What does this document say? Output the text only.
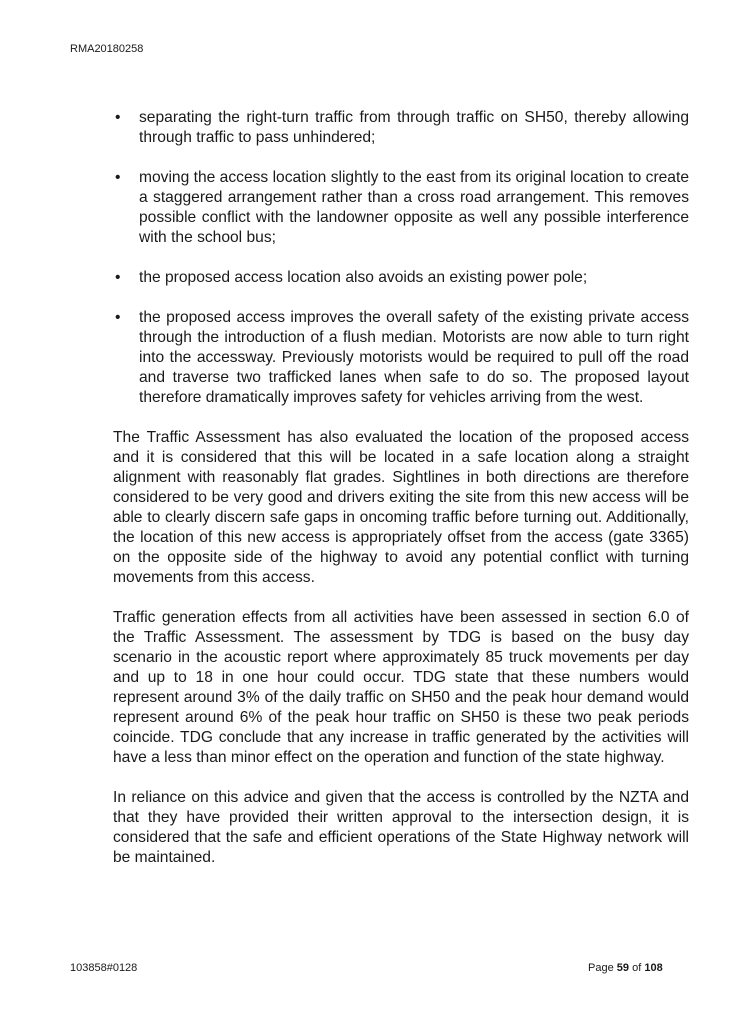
RMA20180258
• separating the right-turn traffic from through traffic on SH50, thereby allowing through traffic to pass unhindered;
• moving the access location slightly to the east from its original location to create a staggered arrangement rather than a cross road arrangement. This removes possible conflict with the landowner opposite as well any possible interference with the school bus;
• the proposed access location also avoids an existing power pole;
• the proposed access improves the overall safety of the existing private access through the introduction of a flush median. Motorists are now able to turn right into the accessway. Previously motorists would be required to pull off the road and traverse two trafficked lanes when safe to do so. The proposed layout therefore dramatically improves safety for vehicles arriving from the west.

The Traffic Assessment has also evaluated the location of the proposed access and it is considered that this will be located in a safe location along a straight alignment with reasonably flat grades. Sightlines in both directions are therefore considered to be very good and drivers exiting the site from this new access will be able to clearly discern safe gaps in oncoming traffic before turning out. Additionally, the location of this new access is appropriately offset from the access (gate 3365) on the opposite side of the highway to avoid any potential conflict with turning movements from this access.

Traffic generation effects from all activities have been assessed in section 6.0 of the Traffic Assessment. The assessment by TDG is based on the busy day scenario in the acoustic report where approximately 85 truck movements per day and up to 18 in one hour could occur. TDG state that these numbers would represent around 3% of the daily traffic on SH50 and the peak hour demand would represent around 6% of the peak hour traffic on SH50 is these two peak periods coincide. TDG conclude that any increase in traffic generated by the activities will have a less than minor effect on the operation and function of the state highway.

In reliance on this advice and given that the access is controlled by the NZTA and that they have provided their written approval to the intersection design, it is considered that the safe and efficient operations of the State Highway network will be maintained.

103858#0128	Page 59 of 108
